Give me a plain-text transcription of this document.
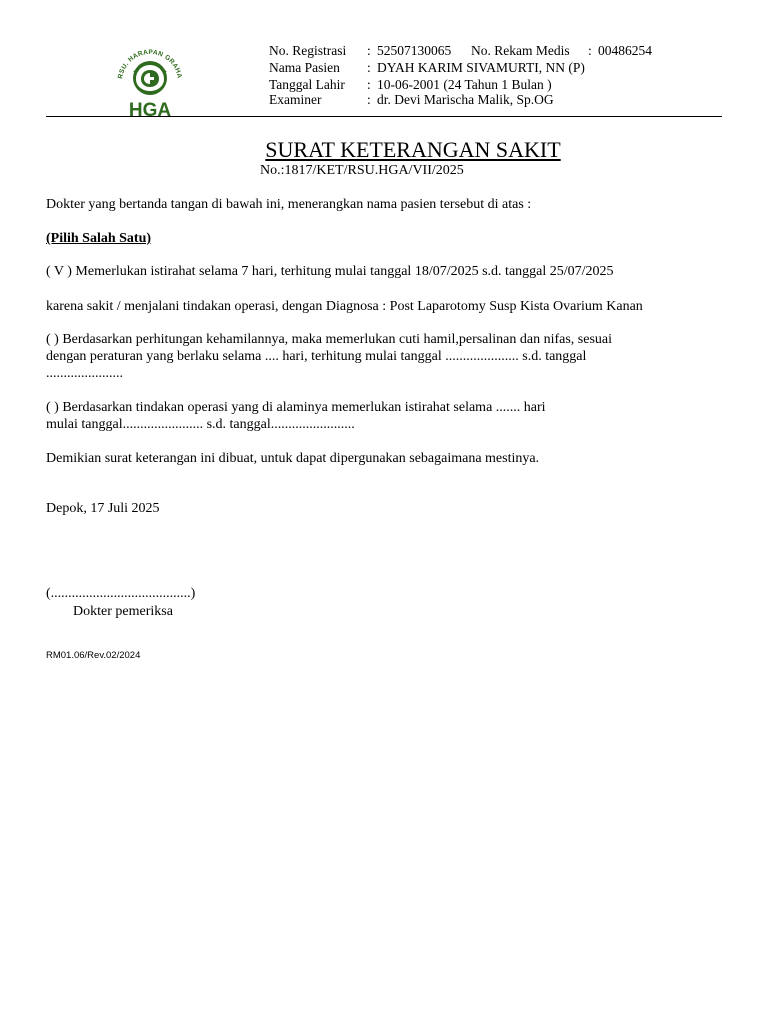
RSU. HARAPAN GRAHA
HGA
No. Registrasi : 52507130065 No. Rekam Medis : 00486254
Nama Pasien : DYAH KARIM SIVAMURTI, NN (P)
Tanggal Lahir : 10-06-2001 (24 Tahun 1 Bulan )
Examiner	: dr. Devi Marischa Malik, Sp.OG
SURAT KETERANGAN SAKIT
No.:1817/KET/RSU.HGA/VII/2025
Dokter yang bertanda tangan di bawah ini, menerangkan nama pasien tersebut di atas :
(Pilih Salah Satu)
( V ) Memerlukan istirahat selama 7 hari, terhitung mulai tanggal 18/07/2025 s.d. tanggal 25/07/2025
karena sakit / menjalani tindakan operasi, dengan Diagnosa : Post Laparotomy Susp Kista Ovarium Kanan
( ) Berdasarkan perhitungan kehamilannya, maka memerlukan cuti hamil,persalinan dan nifas, sesuai
dengan peraturan yang berlaku selama .... hari, terhitung mulai tanggal ..................... s.d. tanggal
......................
( ) Berdasarkan tindakan operasi yang di alaminya memerlukan istirahat selama ....... hari
mulai tanggal....................... s.d. tanggal........................
Demikian surat keterangan ini dibuat, untuk dapat dipergunakan sebagaimana mestinya.
Depok, 17 Juli 2025
(........................................)
Dokter pemeriksa
RM01.06/Rev.02/2024
